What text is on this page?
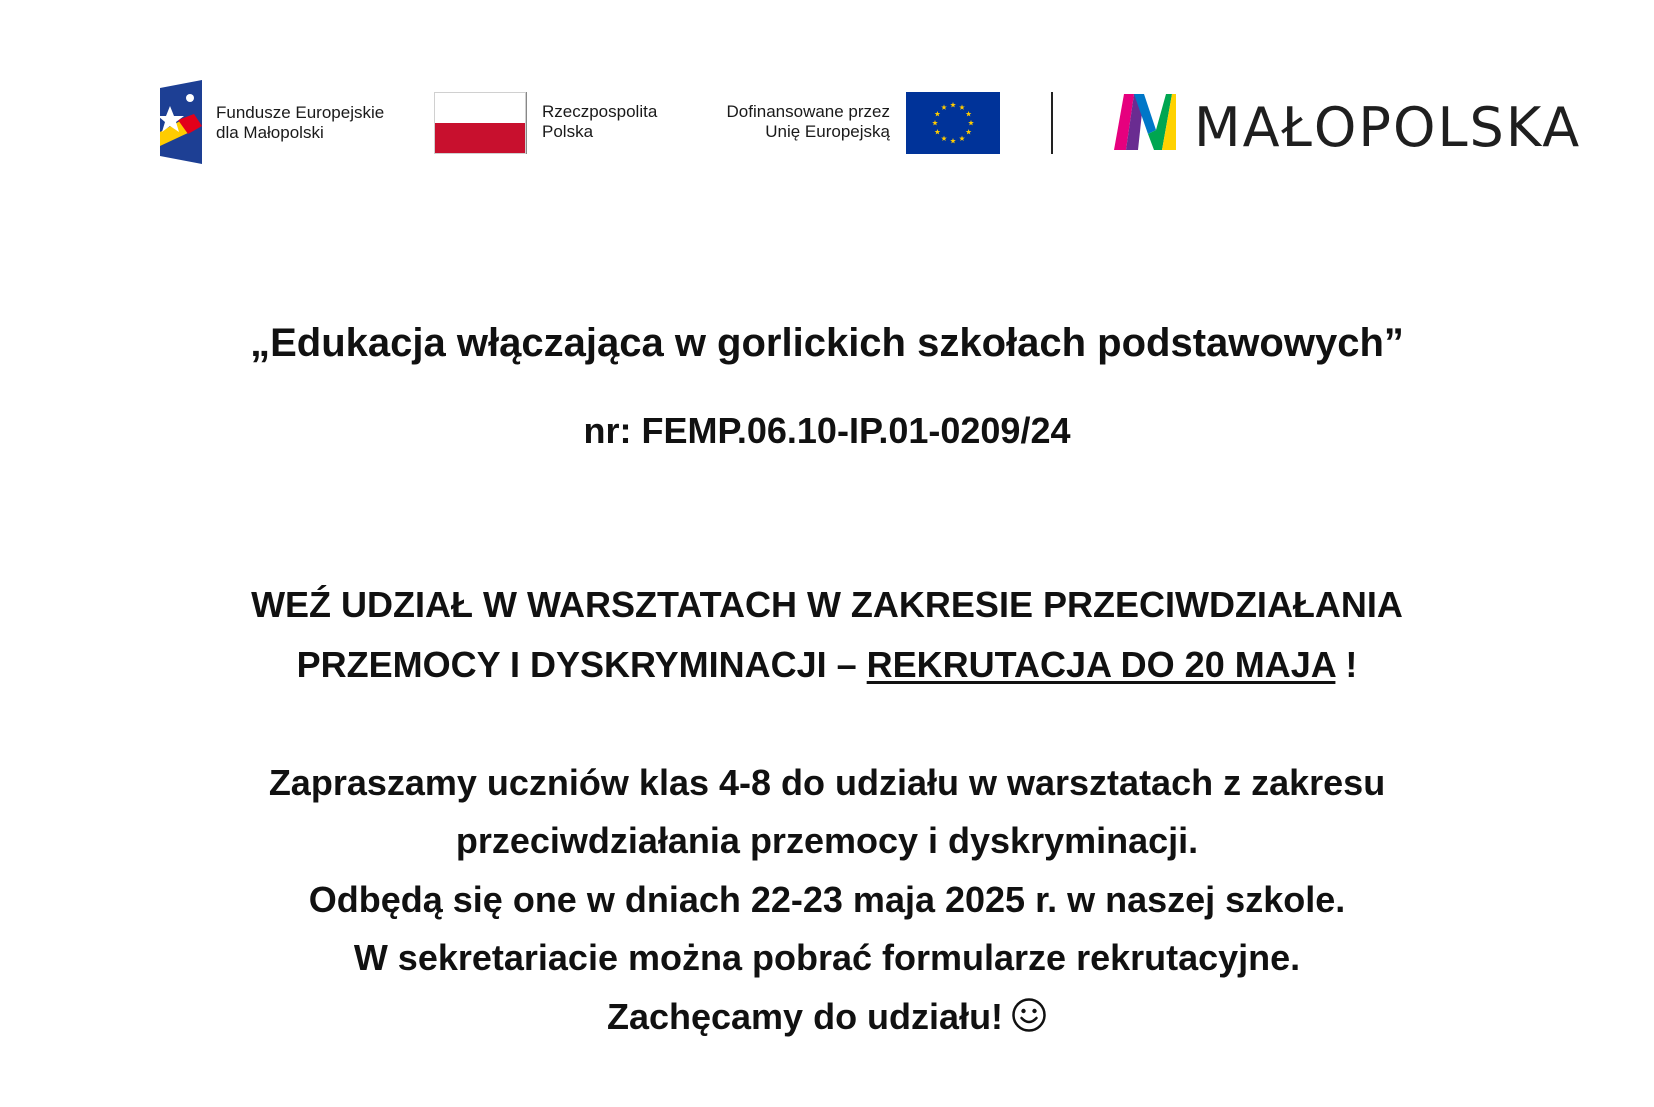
Fundusze Europejskie
dla Małopolski
Rzeczpospolita
Polska
Dofinansowane przez
Unię Europejską	MAŁOPOLSKA
„Edukacja włączająca w gorlickich szkołach podstawowych”
nr: FEMP.06.10-IP.01-0209/24
WEŹ UDZIAŁ W WARSZTATACH W ZAKRESIE PRZECIWDZIAŁANIA
PRZEMOCY I DYSKRYMINACJI – REKRUTACJA DO 20 MAJA !
Zapraszamy uczniów klas 4-8 do udziału w warsztatach z zakresu
przeciwdziałania przemocy i dyskryminacji.
Odbędą się one w dniach 22-23 maja 2025 r. w naszej szkole.
W sekretariacie można pobrać formularze rekrutacyjne.
Zachęcamy do udziału!
